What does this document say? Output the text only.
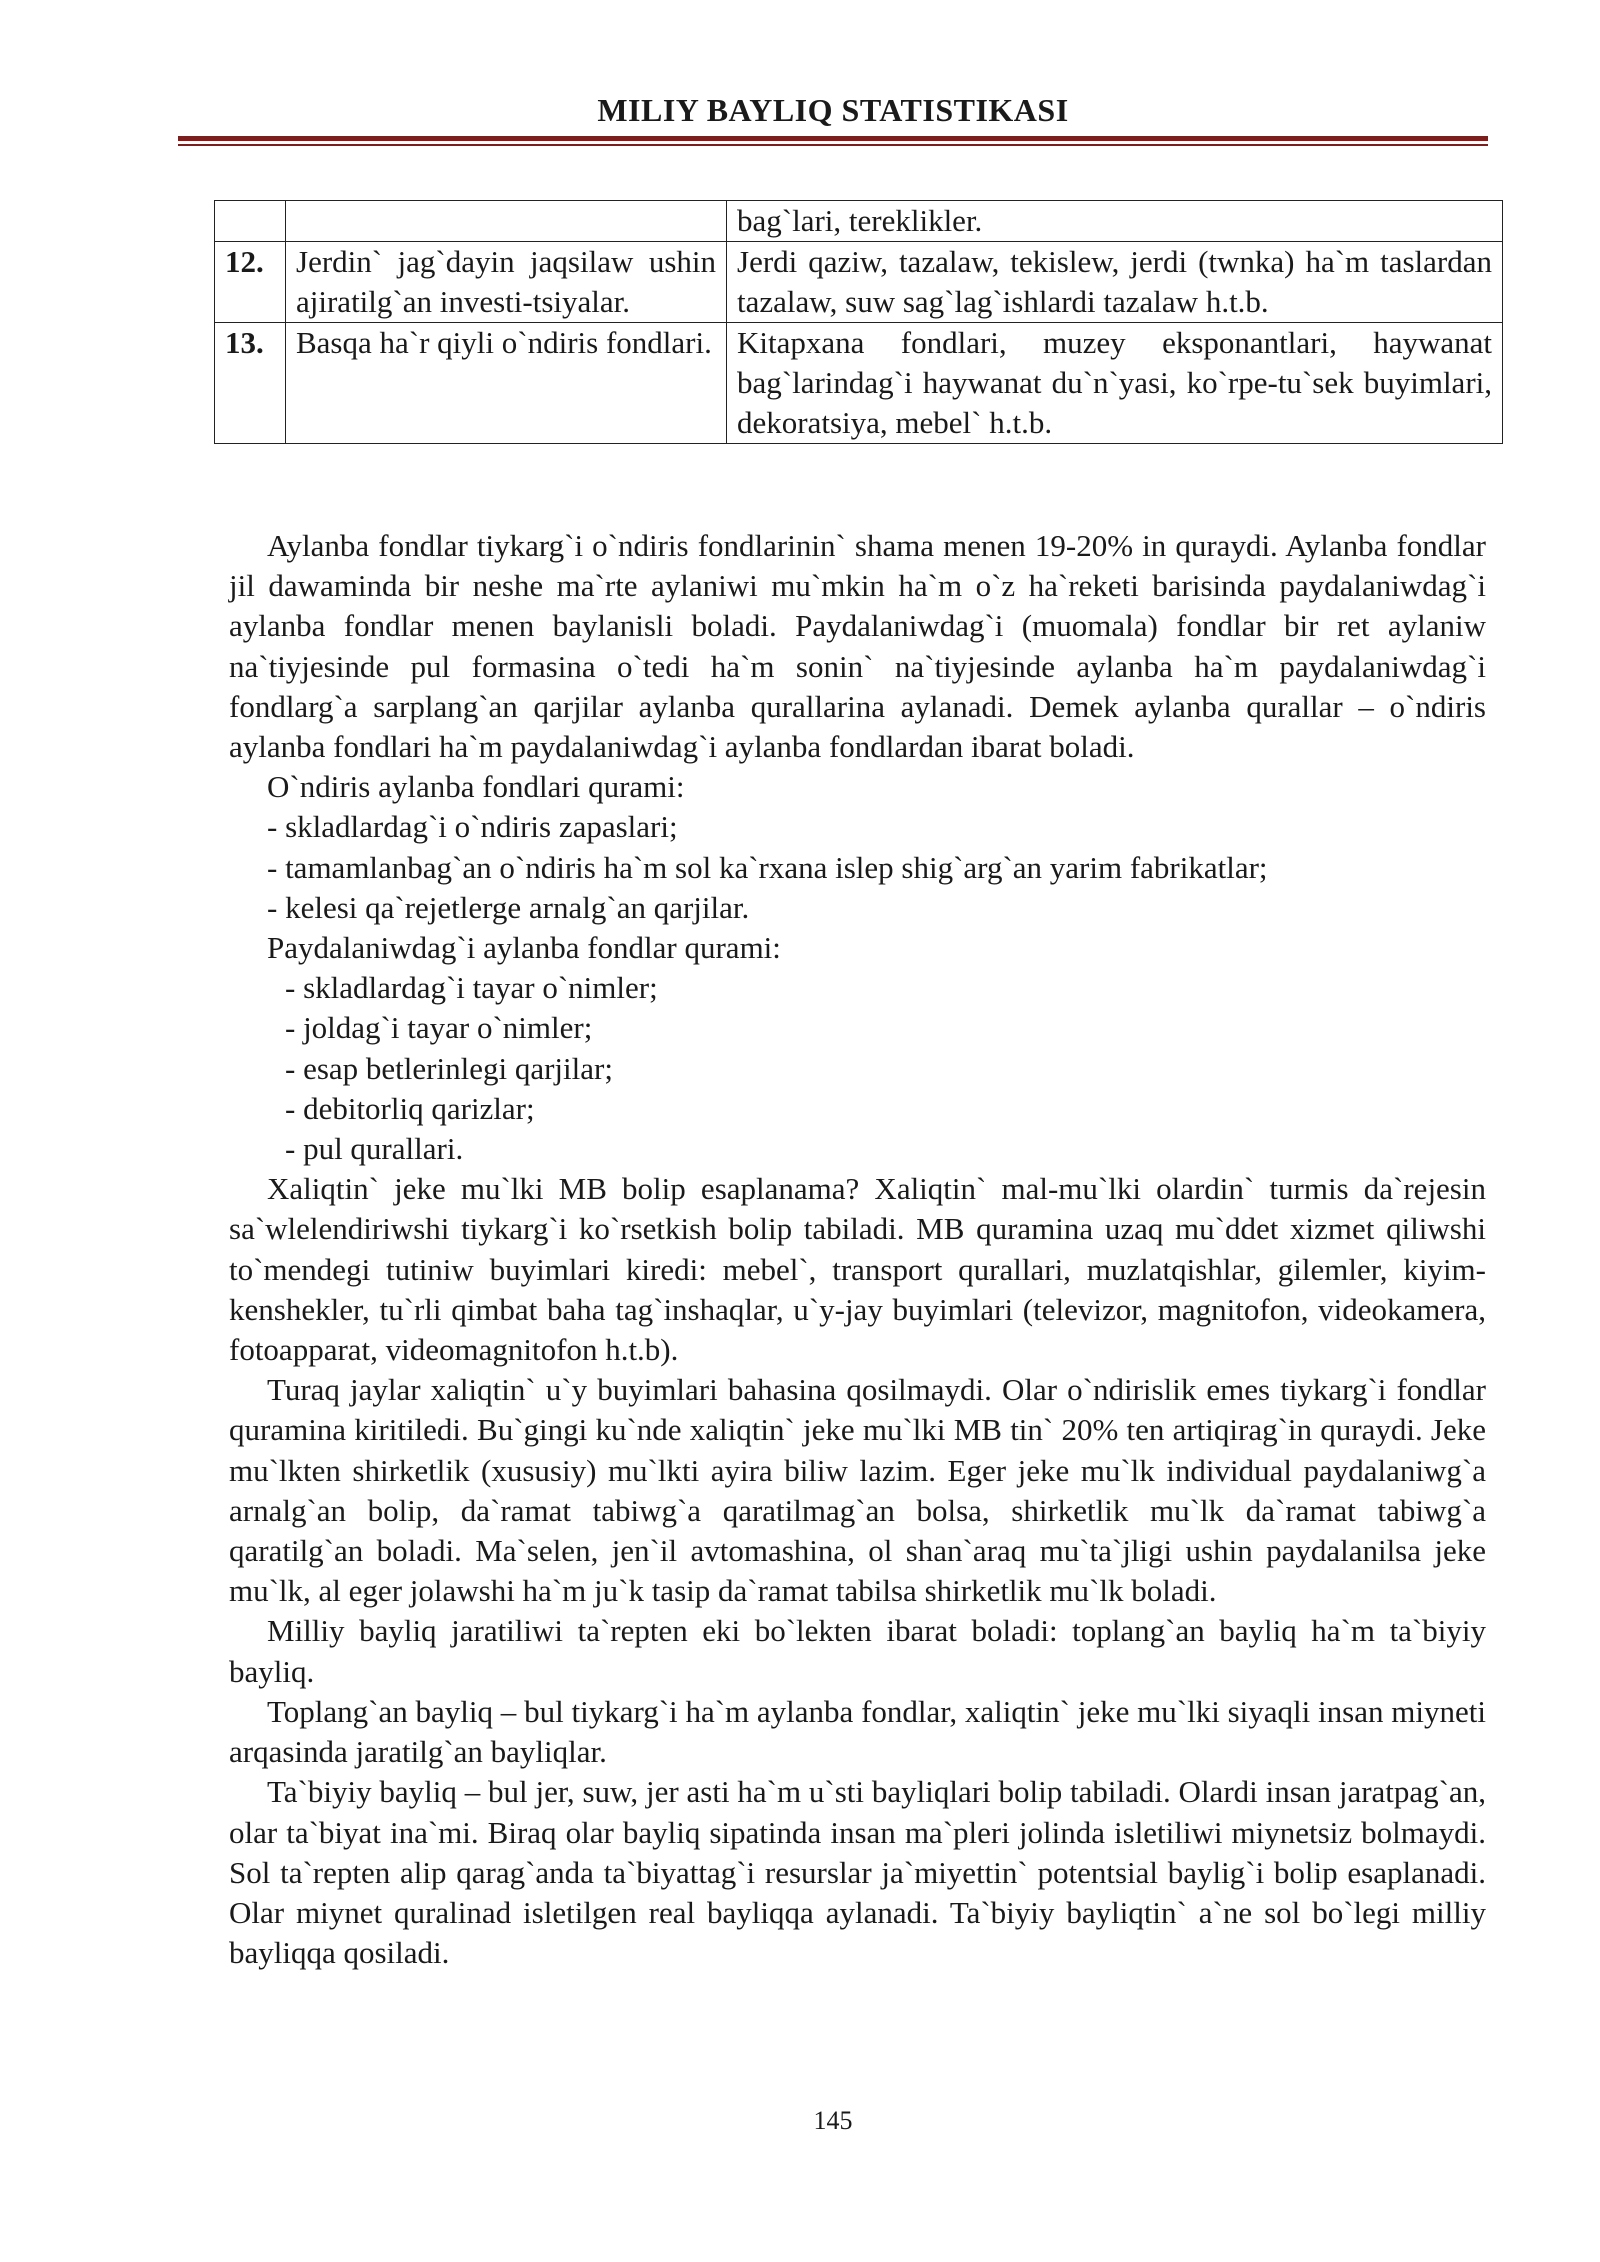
MILIY BAYLIQ STATISTIKASI
		bag`lari, tereklikler.
12.	Jerdin` jag`dayin jaqsilaw ushin ajiratilg`an investi-tsiyalar.	Jerdi qaziw, tazalaw, tekislew, jerdi (twnka) ha`m taslardan tazalaw, suw sag`lag`ishlardi tazalaw h.t.b.
13.	Basqa ha`r qiyli o`ndiris fondlari.	Kitapxana fondlari, muzey eksponantlari, haywanat bag`larindag`i haywanat du`n`yasi, ko`rpe-tu`sek buyimlari, dekoratsiya, mebel` h.t.b.

Aylanba fondlar tiykarg`i o`ndiris fondlarinin` shama menen 19-20% in quraydi. Aylanba fondlar jil dawaminda bir neshe ma`rte aylaniwi mu`mkin ha`m o`z ha`reketi barisinda paydalaniwdag`i aylanba fondlar menen baylanisli boladi. Paydalaniwdag`i (muomala) fondlar bir ret aylaniw na`tiyjesinde pul formasina o`tedi ha`m sonin` na`tiyjesinde aylanba ha`m paydalaniwdag`i fondlarg`a sarplang`an qarjilar aylanba qurallarina aylanadi. Demek aylanba qurallar – o`ndiris aylanba fondlari ha`m paydalaniwdag`i aylanba fondlardan ibarat boladi.

O`ndiris aylanba fondlari qurami:

- skladlardag`i o`ndiris zapaslari;

- tamamlanbag`an o`ndiris ha`m sol ka`rxana islep shig`arg`an yarim fabrikatlar;

- kelesi qa`rejetlerge arnalg`an qarjilar.

Paydalaniwdag`i aylanba fondlar qurami:

- skladlardag`i tayar o`nimler;

- joldag`i tayar o`nimler;

- esap betlerinlegi qarjilar;

- debitorliq qarizlar;

- pul qurallari.

Xaliqtin` jeke mu`lki MB bolip esaplanama? Xaliqtin` mal-mu`lki olardin` turmis da`rejesin sa`wlelendiriwshi tiykarg`i ko`rsetkish bolip tabiladi. MB quramina uzaq mu`ddet xizmet qiliwshi to`mendegi tutiniw buyimlari kiredi: mebel`, transport qurallari, muzlatqishlar, gilemler, kiyim-kenshekler, tu`rli qimbat baha tag`inshaqlar, u`y-jay buyimlari (televizor, magnitofon, videokamera, fotoapparat, videomagnitofon h.t.b).

Turaq jaylar xaliqtin` u`y buyimlari bahasina qosilmaydi. Olar o`ndirislik emes tiykarg`i fondlar quramina kiritiledi. Bu`gingi ku`nde xaliqtin` jeke mu`lki MB tin` 20% ten artiqirag`in quraydi. Jeke mu`lkten shirketlik (xususiy) mu`lkti ayira biliw lazim. Eger jeke mu`lk individual paydalaniwg`a arnalg`an bolip, da`ramat tabiwg`a qaratilmag`an bolsa, shirketlik mu`lk da`ramat tabiwg`a qaratilg`an boladi. Ma`selen, jen`il avtomashina, ol shan`araq mu`ta`jligi ushin paydalanilsa jeke mu`lk, al eger jolawshi ha`m ju`k tasip da`ramat tabilsa shirketlik mu`lk boladi.

Milliy bayliq jaratiliwi ta`repten eki bo`lekten ibarat boladi: toplang`an bayliq ha`m ta`biyiy bayliq.

Toplang`an bayliq – bul tiykarg`i ha`m aylanba fondlar, xaliqtin` jeke mu`lki siyaqli insan miyneti arqasinda jaratilg`an bayliqlar.

Ta`biyiy bayliq – bul jer, suw, jer asti ha`m u`sti bayliqlari bolip tabiladi. Olardi insan jaratpag`an, olar ta`biyat ina`mi. Biraq olar bayliq sipatinda insan ma`pleri jolinda isletiliwi miynetsiz bolmaydi. Sol ta`repten alip qarag`anda ta`biyattag`i resurslar ja`miyettin` potentsial baylig`i bolip esaplanadi. Olar miynet quralinad isletilgen real bayliqqa aylanadi. Ta`biyiy bayliqtin` a`ne sol bo`legi milliy bayliqqa qosiladi.

145
